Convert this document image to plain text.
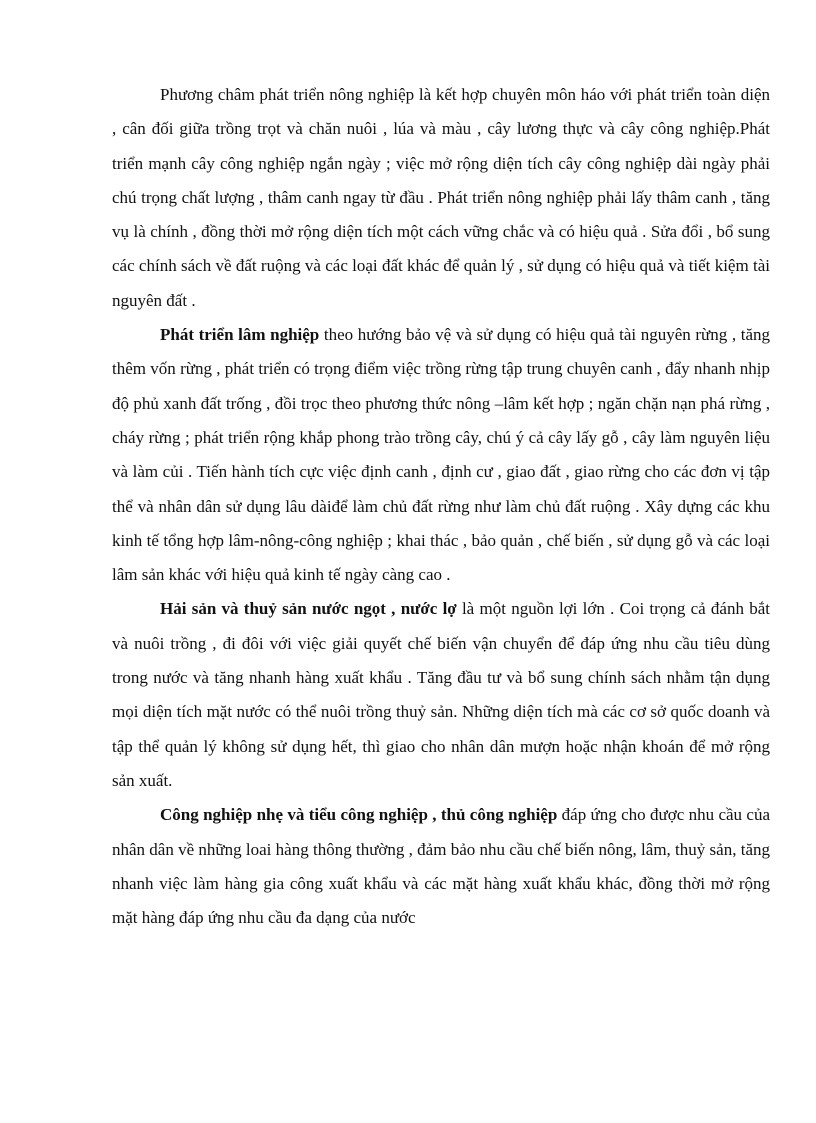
Phương châm phát triển nông nghiệp là kết hợp chuyên môn háo với phát triển toàn diện , cân đối giữa trồng trọt và chăn nuôi , lúa và màu , cây lương thực và cây công nghiệp.Phát triển mạnh cây công nghiệp ngắn ngày ; việc mở rộng diện tích cây công nghiệp dài ngày phải chú trọng chất lượng , thâm canh ngay từ đầu . Phát triển nông nghiệp phải lấy thâm canh , tăng vụ là chính , đồng thời mở rộng diện tích một cách vững chắc và có hiệu quả . Sửa đổi , bổ sung các chính sách về đất ruộng và các loại đất khác để quản lý , sử dụng có hiệu quả và tiết kiệm tài nguyên đất .

Phát triển lâm nghiệp theo hướng bảo vệ và sử dụng có hiệu quả tài nguyên rừng , tăng thêm vốn rừng , phát triển có trọng điểm việc trồng rừng tập trung chuyên canh , đẩy nhanh nhịp độ phủ xanh đất trống , đồi trọc theo phương thức nông –lâm kết hợp ; ngăn chặn nạn phá rừng , cháy rừng ; phát triển rộng khắp phong trào trồng cây, chú ý cả cây lấy gỗ , cây làm nguyên liệu và làm củi . Tiến hành tích cực việc định canh , định cư , giao đất , giao rừng cho các đơn vị tập thể và nhân dân sử dụng lâu dàiđể làm chủ đất rừng như làm chủ đất ruộng . Xây dựng các khu kinh tế tổng hợp lâm-nông-công nghiệp ; khai thác , bảo quản , chế biến , sử dụng gỗ và các loại lâm sản khác với hiệu quả kinh tế ngày càng cao .

Hải sản và thuỷ sản nước ngọt , nước lợ là một nguồn lợi lớn . Coi trọng cả đánh bắt và nuôi trồng , đi đôi với việc giải quyết chế biến vận chuyển để đáp ứng nhu cầu tiêu dùng trong nước và tăng nhanh hàng xuất khẩu . Tăng đầu tư và bổ sung chính sách nhằm tận dụng mọi diện tích mặt nước có thể nuôi trồng thuỷ sản. Những diện tích mà các cơ sở quốc doanh và tập thể quản lý không sử dụng hết, thì giao cho nhân dân mượn hoặc nhận khoán để mở rộng sản xuất.

Công nghiệp nhẹ và tiểu công nghiệp , thủ công nghiệp đáp ứng cho được nhu cầu của nhân dân về những loai hàng thông thường , đảm bảo nhu cầu chế biến nông, lâm, thuỷ sản, tăng nhanh việc làm hàng gia công xuất khẩu và các mặt hàng xuất khẩu khác, đồng thời mở rộng mặt hàng đáp ứng nhu cầu đa dạng của nước
